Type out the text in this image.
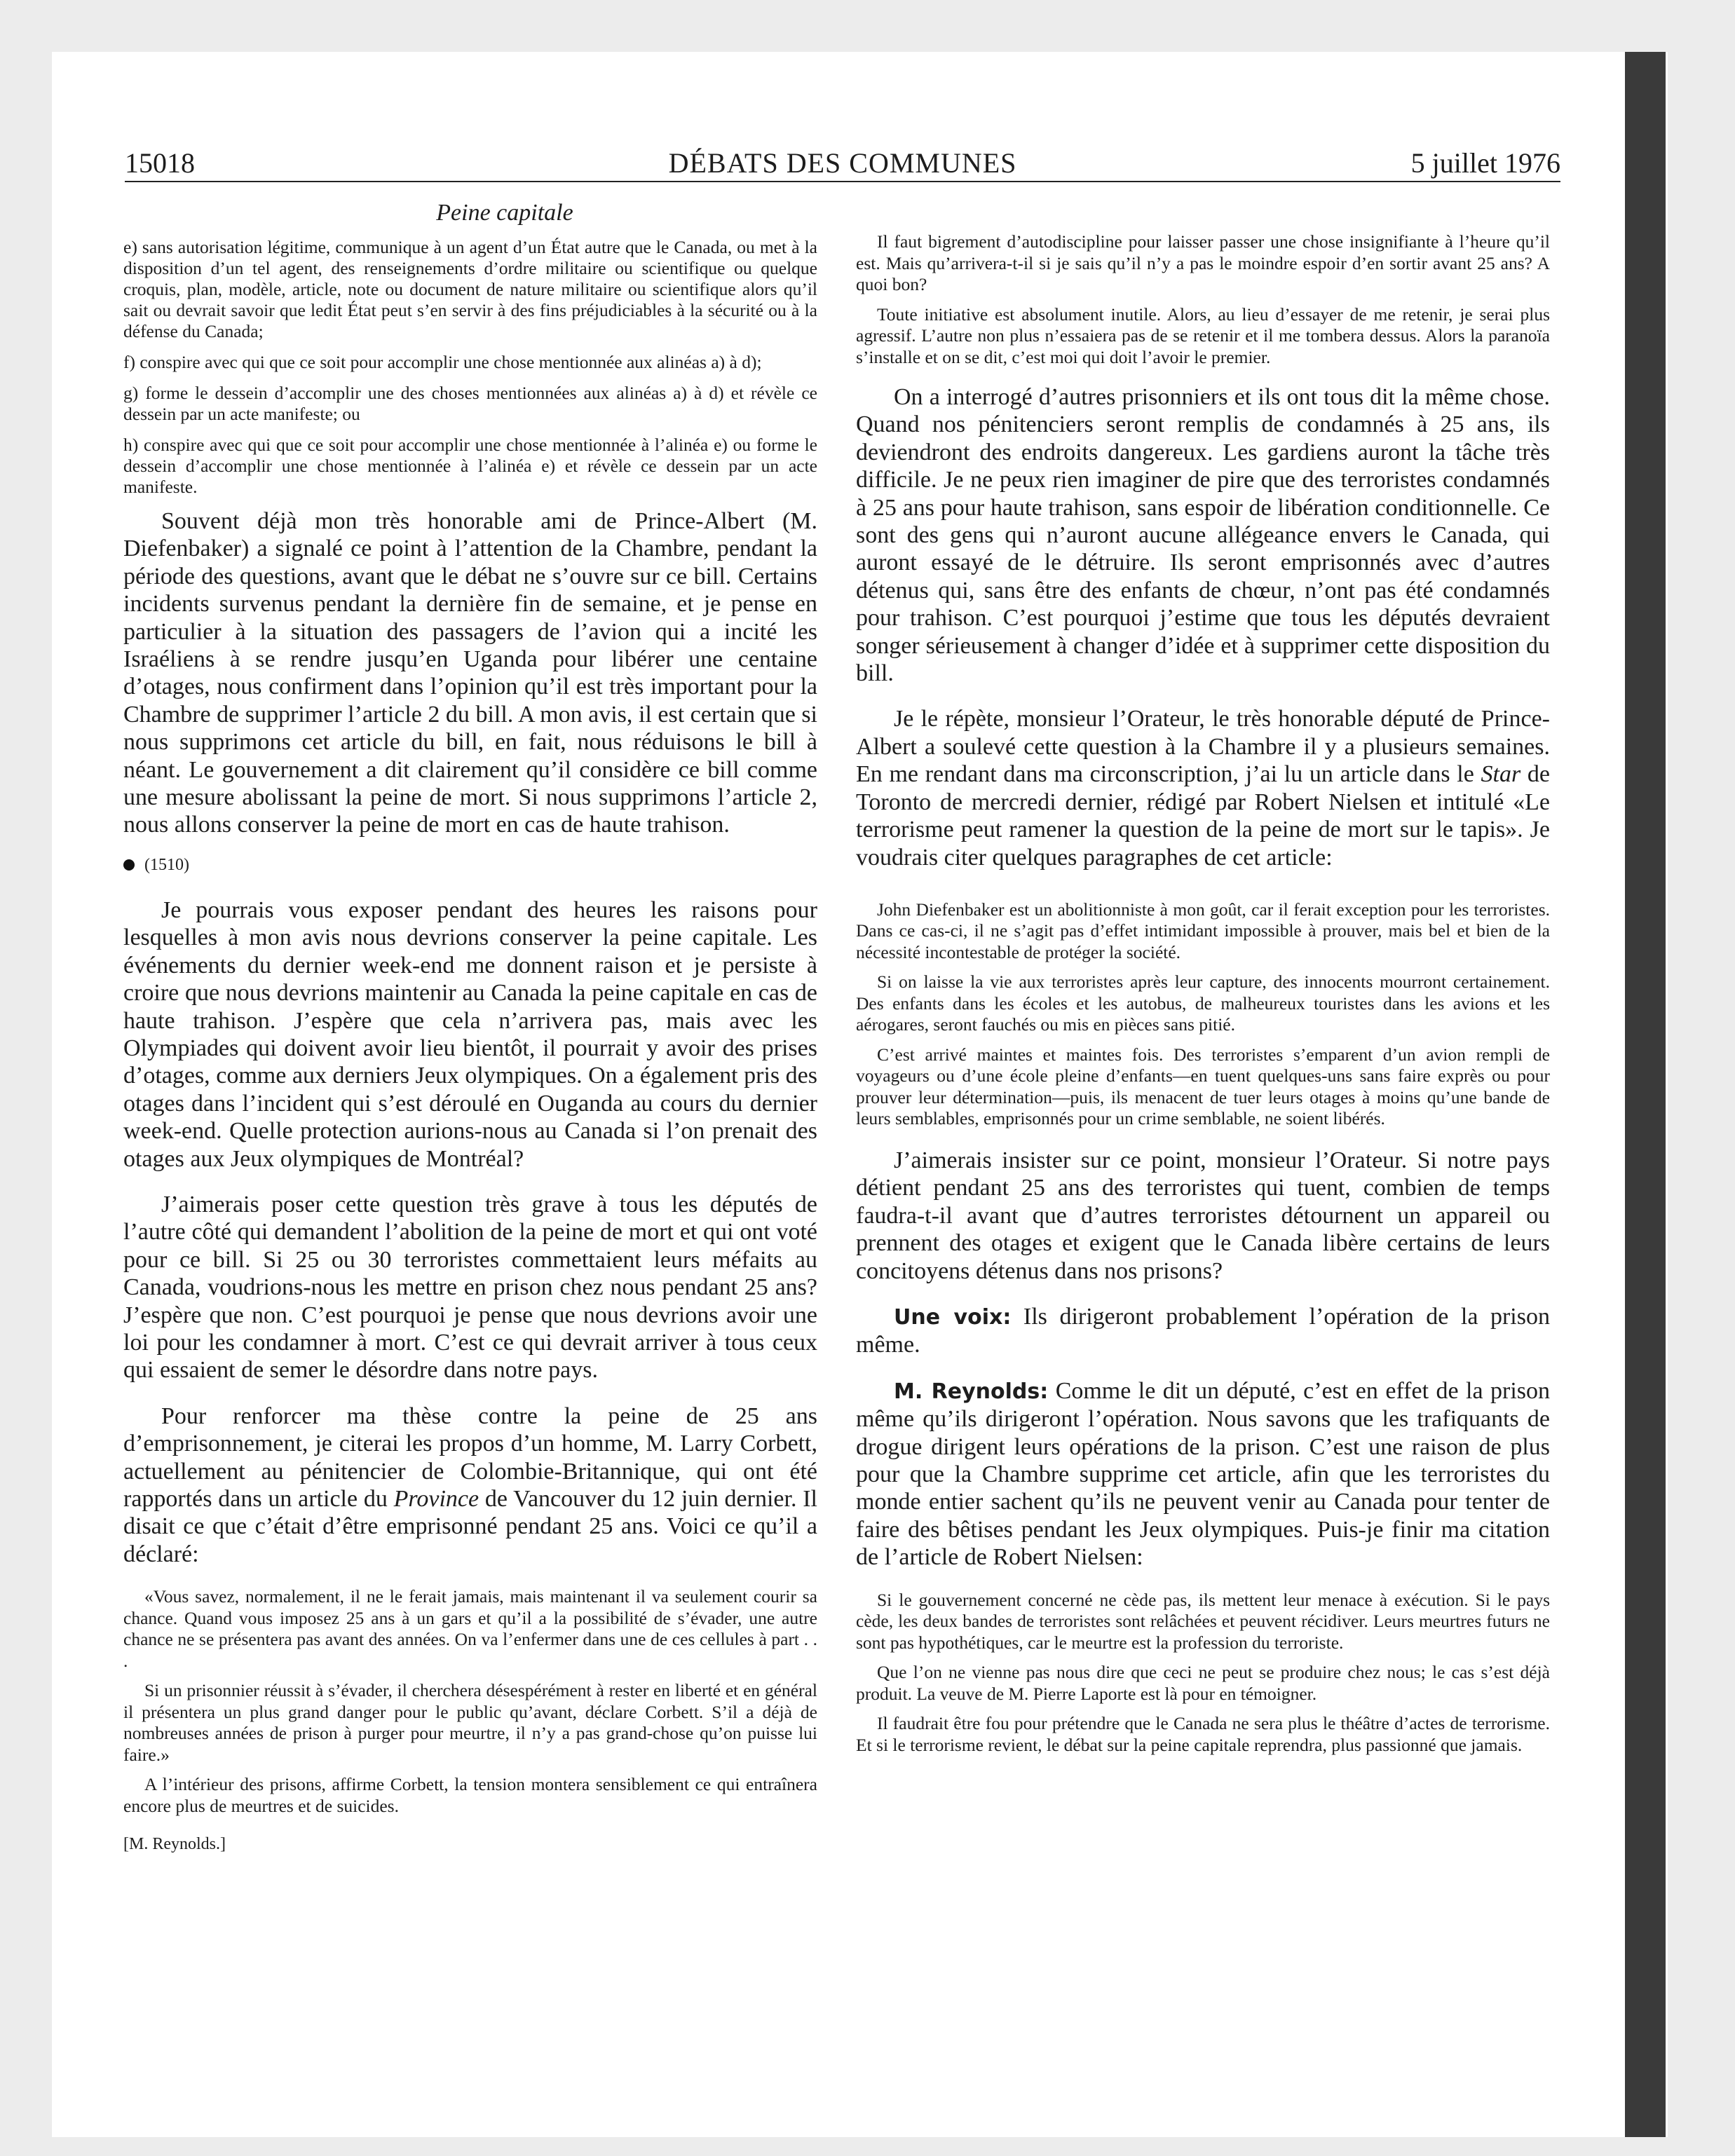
15018	DÉBATS DES COMMUNES	5 juillet 1976
Peine capitale

e) sans autorisation légitime, communique à un agent d’un État autre que le Canada, ou met à la disposition d’un tel agent, des renseignements d’ordre militaire ou scientifique ou quelque croquis, plan, modèle, article, note ou document de nature militaire ou scientifique alors qu’il sait ou devrait savoir que ledit État peut s’en servir à des fins préjudiciables à la sécurité ou à la défense du Canada;

f) conspire avec qui que ce soit pour accomplir une chose mentionnée aux alinéas a) à d);

g) forme le dessein d’accomplir une des choses mentionnées aux alinéas a) à d) et révèle ce dessein par un acte manifeste; ou

h) conspire avec qui que ce soit pour accomplir une chose mentionnée à l’alinéa e) ou forme le dessein d’accomplir une chose mentionnée à l’alinéa e) et révèle ce dessein par un acte manifeste.

Souvent déjà mon très honorable ami de Prince-Albert (M. Diefenbaker) a signalé ce point à l’attention de la Chambre, pendant la période des questions, avant que le débat ne s’ouvre sur ce bill. Certains incidents survenus pendant la dernière fin de semaine, et je pense en particulier à la situation des passagers de l’avion qui a incité les Israéliens à se rendre jusqu’en Uganda pour libérer une centaine d’otages, nous confirment dans l’opinion qu’il est très important pour la Chambre de supprimer l’article 2 du bill. A mon avis, il est certain que si nous supprimons cet article du bill, en fait, nous réduisons le bill à néant. Le gouvernement a dit clairement qu’il considère ce bill comme une mesure abolissant la peine de mort. Si nous supprimons l’article 2, nous allons conserver la peine de mort en cas de haute trahison.

(1510)

Je pourrais vous exposer pendant des heures les raisons pour lesquelles à mon avis nous devrions conserver la peine capitale. Les événements du dernier week-end me donnent raison et je persiste à croire que nous devrions maintenir au Canada la peine capitale en cas de haute trahison. J’espère que cela n’arrivera pas, mais avec les Olympiades qui doivent avoir lieu bientôt, il pourrait y avoir des prises d’otages, comme aux derniers Jeux olympiques. On a également pris des otages dans l’incident qui s’est déroulé en Ouganda au cours du dernier week-end. Quelle protection aurions-nous au Canada si l’on prenait des otages aux Jeux olympiques de Montréal?

J’aimerais poser cette question très grave à tous les députés de l’autre côté qui demandent l’abolition de la peine de mort et qui ont voté pour ce bill. Si 25 ou 30 terroristes commettaient leurs méfaits au Canada, voudrions-nous les mettre en prison chez nous pendant 25 ans? J’espère que non. C’est pourquoi je pense que nous devrions avoir une loi pour les condamner à mort. C’est ce qui devrait arriver à tous ceux qui essaient de semer le désordre dans notre pays.

Pour renforcer ma thèse contre la peine de 25 ans d’emprisonnement, je citerai les propos d’un homme, M. Larry Corbett, actuellement au pénitencier de Colombie-Britannique, qui ont été rapportés dans un article du Province de Vancouver du 12 juin dernier. Il disait ce que c’était d’être emprisonné pendant 25 ans. Voici ce qu’il a déclaré:

«Vous savez, normalement, il ne le ferait jamais, mais maintenant il va seulement courir sa chance. Quand vous imposez 25 ans à un gars et qu’il a la possibilité de s’évader, une autre chance ne se présentera pas avant des années. On va l’enfermer dans une de ces cellules à part . . .

Si un prisonnier réussit à s’évader, il cherchera désespérément à rester en liberté et en général il présentera un plus grand danger pour le public qu’avant, déclare Corbett. S’il a déjà de nombreuses années de prison à purger pour meurtre, il n’y a pas grand-chose qu’on puisse lui faire.»

A l’intérieur des prisons, affirme Corbett, la tension montera sensiblement ce qui entraînera encore plus de meurtres et de suicides.

[M. Reynolds.]

Il faut bigrement d’autodiscipline pour laisser passer une chose insignifiante à l’heure qu’il est. Mais qu’arrivera-t-il si je sais qu’il n’y a pas le moindre espoir d’en sortir avant 25 ans? A quoi bon?

Toute initiative est absolument inutile. Alors, au lieu d’essayer de me retenir, je serai plus agressif. L’autre non plus n’essaiera pas de se retenir et il me tombera dessus. Alors la paranoïa s’installe et on se dit, c’est moi qui doit l’avoir le premier.

On a interrogé d’autres prisonniers et ils ont tous dit la même chose. Quand nos pénitenciers seront remplis de condamnés à 25 ans, ils deviendront des endroits dangereux. Les gardiens auront la tâche très difficile. Je ne peux rien imaginer de pire que des terroristes condamnés à 25 ans pour haute trahison, sans espoir de libération conditionnelle. Ce sont des gens qui n’auront aucune allégeance envers le Canada, qui auront essayé de le détruire. Ils seront emprisonnés avec d’autres détenus qui, sans être des enfants de chœur, n’ont pas été condamnés pour trahison. C’est pourquoi j’estime que tous les députés devraient songer sérieusement à changer d’idée et à supprimer cette disposition du bill.

Je le répète, monsieur l’Orateur, le très honorable député de Prince-Albert a soulevé cette question à la Chambre il y a plusieurs semaines. En me rendant dans ma circonscription, j’ai lu un article dans le Star de Toronto de mercredi dernier, rédigé par Robert Nielsen et intitulé «Le terrorisme peut ramener la question de la peine de mort sur le tapis». Je voudrais citer quelques paragraphes de cet article:

John Diefenbaker est un abolitionniste à mon goût, car il ferait exception pour les terroristes. Dans ce cas-ci, il ne s’agit pas d’effet intimidant impossible à prouver, mais bel et bien de la nécessité incontestable de protéger la société.

Si on laisse la vie aux terroristes après leur capture, des innocents mourront certainement. Des enfants dans les écoles et les autobus, de malheureux touristes dans les avions et les aérogares, seront fauchés ou mis en pièces sans pitié.

C’est arrivé maintes et maintes fois. Des terroristes s’emparent d’un avion rempli de voyageurs ou d’une école pleine d’enfants—en tuent quelques-uns sans faire exprès ou pour prouver leur détermination—puis, ils menacent de tuer leurs otages à moins qu’une bande de leurs semblables, emprisonnés pour un crime semblable, ne soient libérés.

J’aimerais insister sur ce point, monsieur l’Orateur. Si notre pays détient pendant 25 ans des terroristes qui tuent, combien de temps faudra-t-il avant que d’autres terroristes détournent un appareil ou prennent des otages et exigent que le Canada libère certains de leurs concitoyens détenus dans nos prisons?

Une voix: Ils dirigeront probablement l’opération de la prison même.

M. Reynolds: Comme le dit un député, c’est en effet de la prison même qu’ils dirigeront l’opération. Nous savons que les trafiquants de drogue dirigent leurs opérations de la prison. C’est une raison de plus pour que la Chambre supprime cet article, afin que les terroristes du monde entier sachent qu’ils ne peuvent venir au Canada pour tenter de faire des bêtises pendant les Jeux olympiques. Puis-je finir ma citation de l’article de Robert Nielsen:

Si le gouvernement concerné ne cède pas, ils mettent leur menace à exécution. Si le pays cède, les deux bandes de terroristes sont relâchées et peuvent récidiver. Leurs meurtres futurs ne sont pas hypothétiques, car le meurtre est la profession du terroriste.

Que l’on ne vienne pas nous dire que ceci ne peut se produire chez nous; le cas s’est déjà produit. La veuve de M. Pierre Laporte est là pour en témoigner.

Il faudrait être fou pour prétendre que le Canada ne sera plus le théâtre d’actes de terrorisme. Et si le terrorisme revient, le débat sur la peine capitale reprendra, plus passionné que jamais.
